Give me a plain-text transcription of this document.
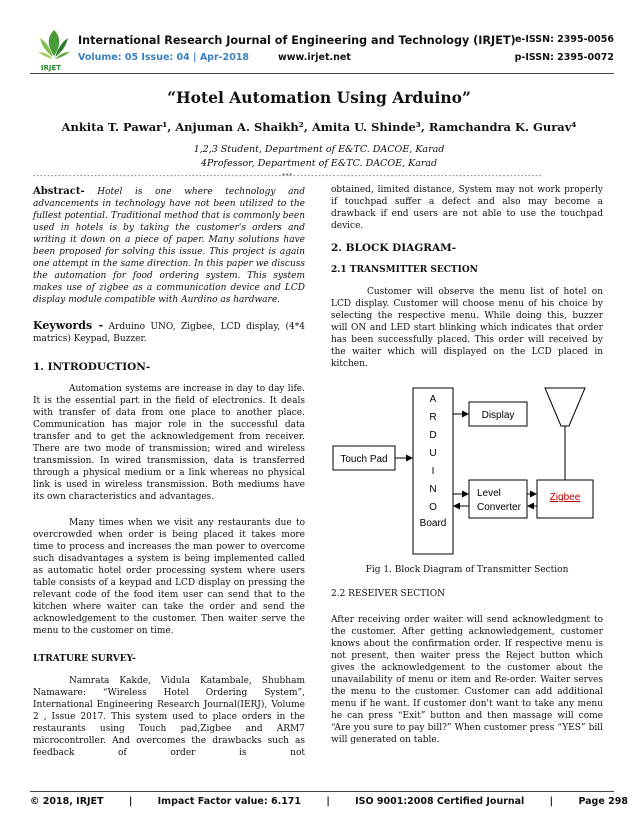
IRJET
International Research Journal of Engineering and Technology (IRJET) e-ISSN: 2395-0056
Volume: 05 Issue: 04 | Apr-2018	www.irjet.net	p-ISSN: 2395-0072
“Hotel Automation Using Arduino”
Ankita T. Pawar¹, Anjuman A. Shaikh², Amita U. Shinde³, Ramchandra K. Gurav⁴
1,2,3 Student, Department of E&TC. DACOE, Karad
4Professor, Department of E&TC. DACOE, Karad
---------------------------------------------------------------------***---------------------------------------------------------------------

Abstract- Hotel is one where technology and advancements in technology have not been utilized to the fullest potential. Traditional method that is commonly been used in hotels is by taking the customer's orders and writing it down on a piece of paper. Many solutions have been proposed for solving this issue. This project is again one attempt in the same direction. In this paper we discuss the automation for food ordering system. This system makes use of zigbee as a communication device and LCD display module compatible with Aurdino as hardware.

Keywords - Arduino UNO, Zigbee, LCD display, (4*4 matrics) Keypad, Buzzer.

1. INTRODUCTION-

Automation systems are increase in day to day life. It is the essential part in the field of electronics. It deals with transfer of data from one place to another place. Communication has major role in the successful data transfer and to get the acknowledgement from receiver. There are two mode of transmission; wired and wireless transmission. In wired transmission, data is transferred through a physical medium or a link whereas no physical link is used in wireless transmission. Both mediums have its own characteristics and advantages.

Many times when we visit any restaurants due to overcrowded when order is being placed it takes more time to process and increases the man power to overcome such disadvantages a system is being implemented called as automatic hotel order processing system where users table consists of a keypad and LCD display on pressing the relevant code of the food item user can send that to the kitchen where waiter can take the order and send the acknowledgement to the customer. Then waiter serve the menu to the customer on time.

LTRATURE SURVEY-

Namrata Kakde, Vidula Katambale, Shubham Namaware: “Wireless Hotel Ordering System”, International Engineering Research Journal(IERJ), Volume 2 , Issue 2017. This system used to place orders in the restaurants using Touch pad,Zigbee and ARM7 microcontroller. And overcomes the drawbacks such as feedback of order is not

obtained, limited distance, System may not work properly if touchpad suffer a defect and also may become a drawback if end users are not able to use the touchpad device.

2. BLOCK DIAGRAM-
2.1 TRANSMITTER SECTION

Customer will observe the menu list of hotel on LCD display. Customer will choose menu of his choice by selecting the respective menu. While doing this, buzzer will ON and LED start blinking which indicates that order has been successfully placed. This order will received by the waiter which will displayed on the LCD placed in kitchen.

A
R
D
U
I
N
O
Board
Display
Touch Pad
Level
Converter
Zigbee
Fig 1. Block Diagram of Transmitter Section
2.2 RESEIVER SECTION

After receiving order waiter will send acknowledgment to the customer. After getting acknowledgement, customer knows about the confirmation order. If respective menu is not present, then waiter press the Reject button which gives the acknowledgement to the customer about the unavailability of menu or item and Re-order. Waiter serves the menu to the customer. Customer can add additional menu if he want. If customer don't want to take any menu he can press “Exit” button and then massage will come “Are you sure to pay bill?” When customer press “YES” bill will generated on table.

© 2018, IRJET	|	Impact Factor value: 6.171	|	ISO 9001:2008 Certified Journal	|	Page 298
